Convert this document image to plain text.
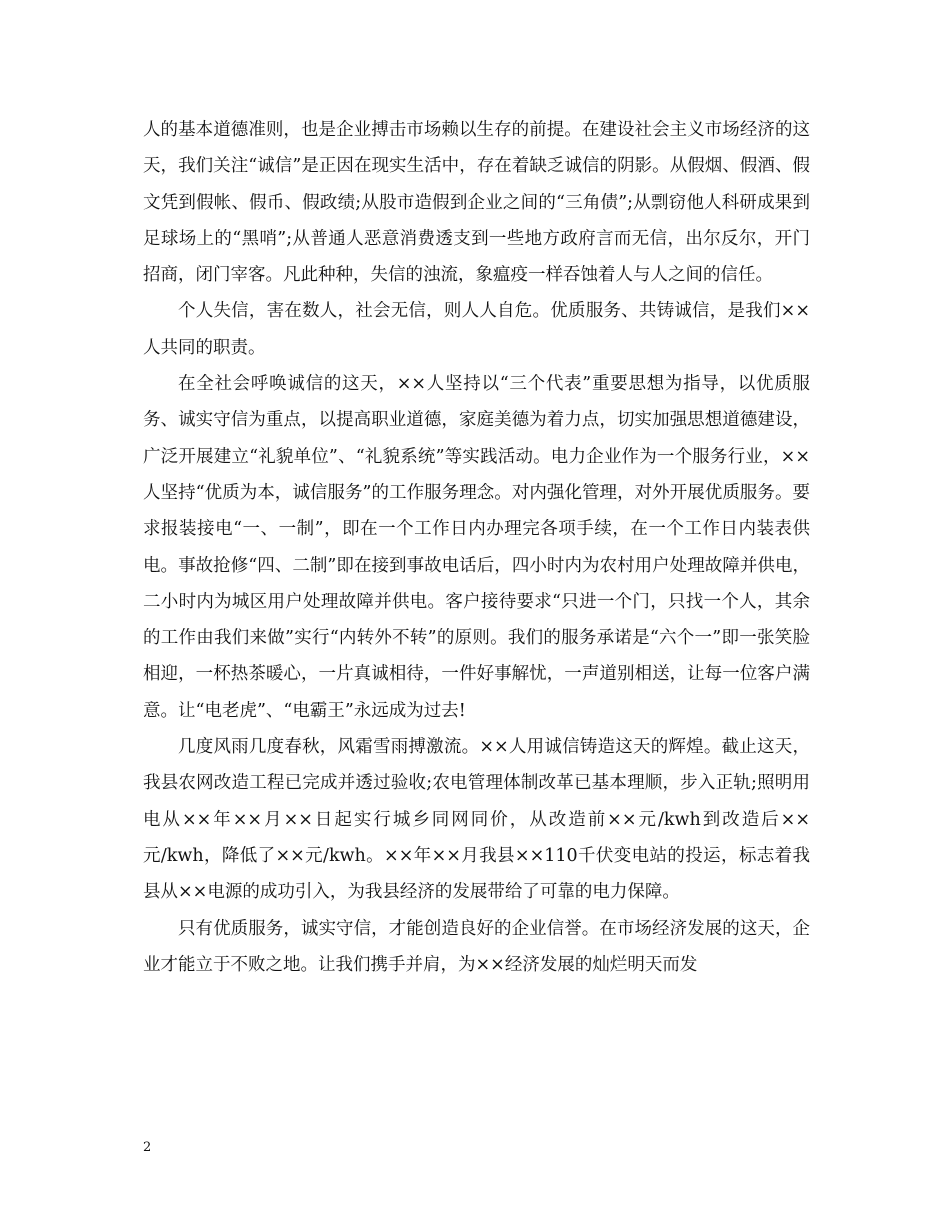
人的基本道德准则，也是企业搏击市场赖以生存的前提。在建设社会主义市场经济的这天，我们关注“诚信”是正因在现实生活中，存在着缺乏诚信的阴影。从假烟、假酒、假文凭到假帐、假币、假政绩;从股市造假到企业之间的“三角债”;从剽窃他人科研成果到足球场上的“黑哨”;从普通人恶意消费透支到一些地方政府言而无信，出尔反尔，开门招商，闭门宰客。凡此种种，失信的浊流，象瘟疫一样吞蚀着人与人之间的信任。

个人失信，害在数人，社会无信，则人人自危。优质服务、共铸诚信，是我们××人共同的职责。

在全社会呼唤诚信的这天，××人坚持以“三个代表”重要思想为指导，以优质服务、诚实守信为重点，以提高职业道德，家庭美德为着力点，切实加强思想道德建设，广泛开展建立“礼貌单位”、“礼貌系统”等实践活动。电力企业作为一个服务行业，××人坚持“优质为本，诚信服务”的工作服务理念。对内强化管理，对外开展优质服务。要求报装接电“一、一制”，即在一个工作日内办理完各项手续，在一个工作日内装表供电。事故抢修“四、二制”即在接到事故电话后，四小时内为农村用户处理故障并供电，二小时内为城区用户处理故障并供电。客户接待要求“只进一个门，只找一个人，其余的工作由我们来做”实行“内转外不转”的原则。我们的服务承诺是“六个一”即一张笑脸相迎，一杯热茶暖心，一片真诚相待，一件好事解忧，一声道别相送，让每一位客户满意。让“电老虎”、“电霸王”永远成为过去!

几度风雨几度春秋，风霜雪雨搏激流。××人用诚信铸造这天的辉煌。截止这天，我县农网改造工程已完成并透过验收;农电管理体制改革已基本理顺，步入正轨;照明用电从××年××月××日起实行城乡同网同价，从改造前××元/kwh到改造后××元/kwh，降低了××元/kwh。××年××月我县××110千伏变电站的投运，标志着我县从××电源的成功引入，为我县经济的发展带给了可靠的电力保障。

只有优质服务，诚实守信，才能创造良好的企业信誉。在市场经济发展的这天，企业才能立于不败之地。让我们携手并肩，为××经济发展的灿烂明天而发

2
